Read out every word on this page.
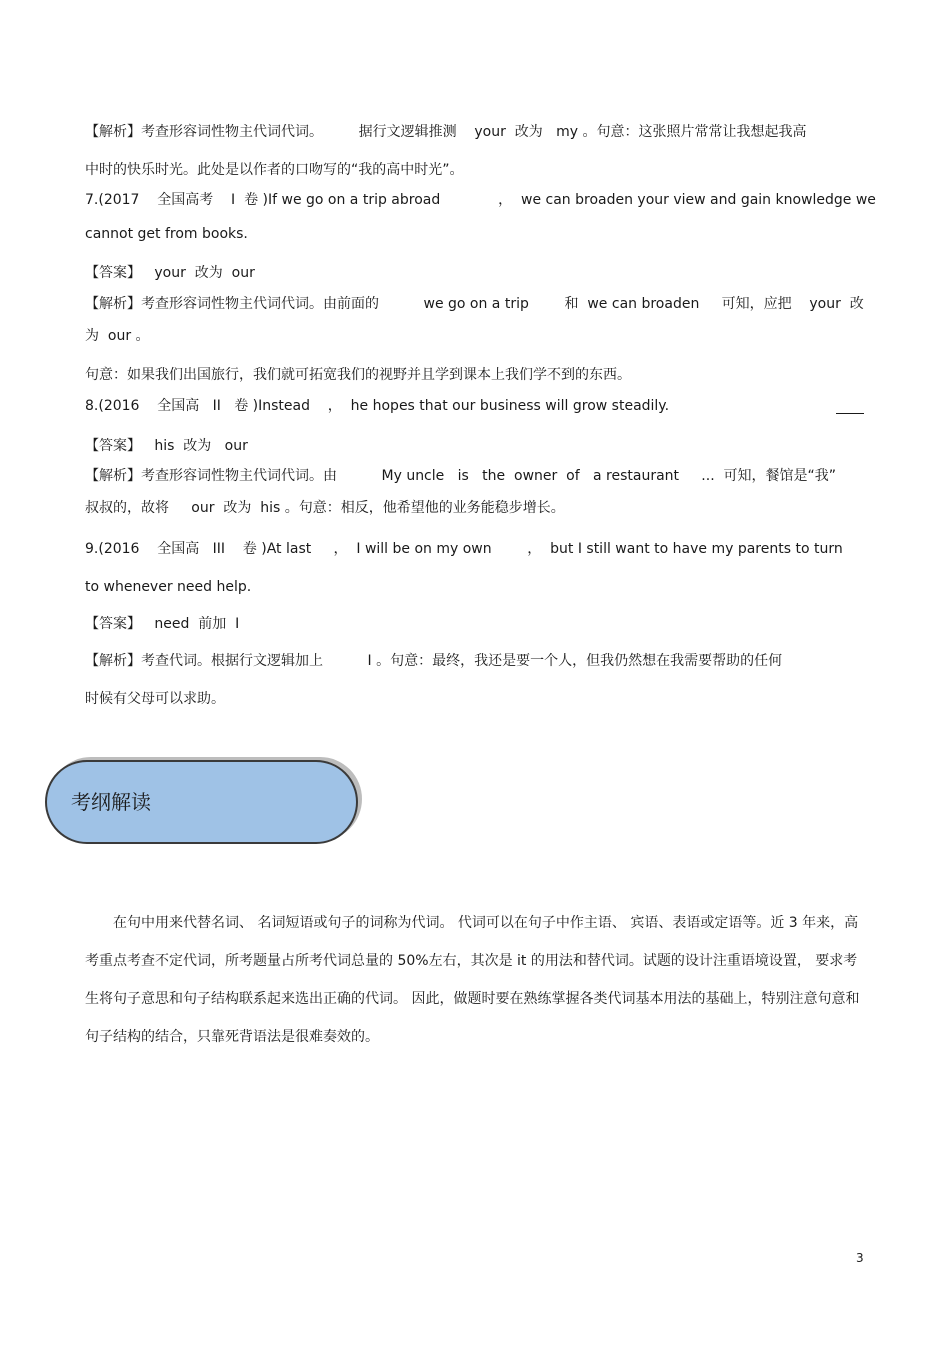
【解析】考查形容词性物主代词代词。        据行文逻辑推测    your  改为   my 。句意：这张照片常常让我想起我高
中时的快乐时光。此处是以作者的口吻写的“我的高中时光”。
7.(2017    全国高考    I  卷 )If we go on a trip abroad             ，  we can broaden your view and gain knowledge we
cannot get from books.
【答案】   your  改为  our
【解析】考查形容词性物主代词代词。由前面的          we go on a trip        和  we can broaden     可知，应把    your  改
为  our 。
句意：如果我们出国旅行，我们就可拓宽我们的视野并且学到课本上我们学不到的东西。
8.(2016    全国高   II   卷 )Instead    ，  he hopes that our business will grow steadily.
【答案】   his  改为   our
【解析】考查形容词性物主代词代词。由          My uncle   is   the  owner  of   a restaurant     ...  可知，餐馆是“我”
叔叔的，故将     our  改为  his 。句意：相反，他希望他的业务能稳步增长。
9.(2016    全国高   III    卷 )At last     ，  I will be on my own        ，  but I still want to have my parents to turn
to whenever need help.
【答案】   need  前加  I
【解析】考查代词。根据行文逻辑加上          I 。句意：最终，我还是要一个人，但我仍然想在我需要帮助的任何
时候有父母可以求助。
考纲解读
　　在句中用来代替名词、 名词短语或句子的词称为代词。 代词可以在句子中作主语、 宾语、表语或定语等。近 3 年来，高考重点考查不定代词，所考题量占所考代词总量的 50%左右，其次是 it 的用法和替代词。试题的设计注重语境设置， 要求考生将句子意思和句子结构联系起来选出正确的代词。 因此，做题时要在熟练掌握各类代词基本用法的基础上，特别注意句意和句子结构的结合，只靠死背语法是很难奏效的。
3
